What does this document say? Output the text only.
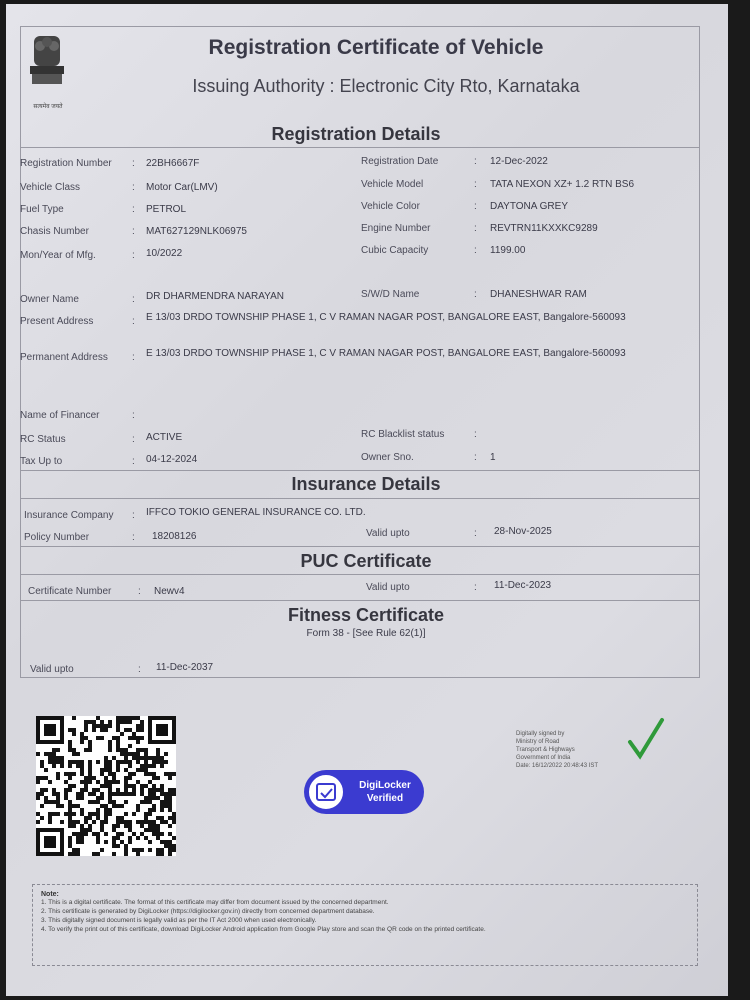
सत्यमेव जयते
Registration Certificate of Vehicle
Issuing Authority : Electronic City Rto, Karnataka
Registration Details
Registration Number : 22BH6667F	Registration Date	: 12-Dec-2022
Vehicle Class	: Motor Car(LMV)	Vehicle Model	: TATA NEXON XZ+ 1.2 RTN BS6
Fuel Type	: PETROL	Vehicle Color	: DAYTONA GREY
Chasis Number	: MAT627129NLK06975	Engine Number	: REVTRN11KXXKC9289
Mon/Year of Mfg.	: 10/2022	Cubic Capacity	: 1199.00
Owner Name	: DR DHARMENDRA NARAYAN	S/W/D Name	: DHANESHWAR RAM
Present Address	: E 13/03 DRDO TOWNSHIP PHASE 1, C V RAMAN NAGAR POST, BANGALORE EAST, Bangalore-560093
Permanent Address : E 13/03 DRDO TOWNSHIP PHASE 1, C V RAMAN NAGAR POST, BANGALORE EAST, Bangalore-560093
Name of Financer	:
RC Status	: ACTIVE	RC Blacklist status	:
Tax Up to	: 04-12-2024	Owner Sno.	: 1
Insurance Details
Insurance Company : IFFCO TOKIO GENERAL INSURANCE CO. LTD.
Policy Number	: 18208126	Valid upto	: 28-Nov-2025
PUC Certificate
Certificate Number	: Newv4	Valid upto	: 11-Dec-2023
Fitness Certificate
Form 38 - [See Rule 62(1)]
Valid upto	: 11-Dec-2037
DigiLocker
Verified
Digitally signed by
Ministry of Road
Transport & Highways
Government of India
Date: 16/12/2022 20:48:43 IST
Note:
1. This is a digital certificate. The format of this certificate may differ from document issued by the concerned department.
2. This certificate is generated by DigiLocker (https://digilocker.gov.in) directly from concerned department database.
3. This digitally signed document is legally valid as per the IT Act 2000 when used electronically.
4. To verify the print out of this certificate, download DigiLocker Android application from Google Play store and scan the QR code on the printed certificate.
